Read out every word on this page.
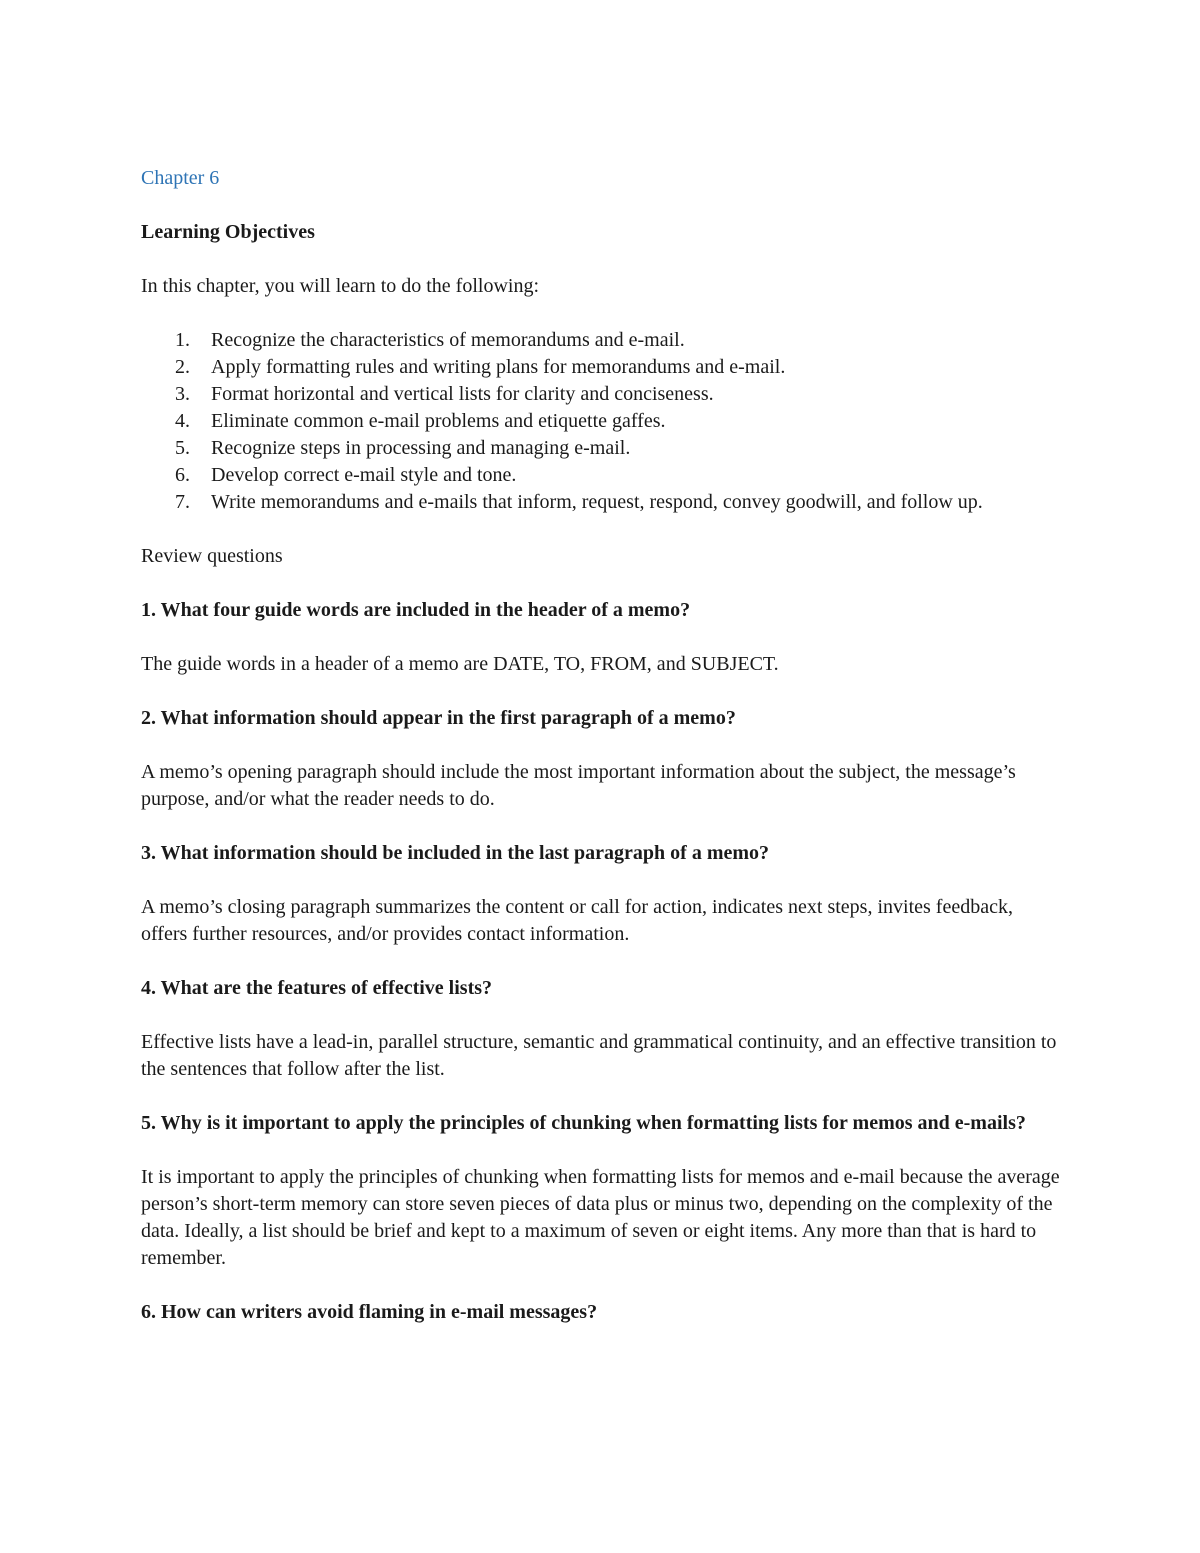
Chapter 6
Learning Objectives
In this chapter, you will learn to do the following:
1.	Recognize the characteristics of memorandums and e-mail.
2.	Apply formatting rules and writing plans for memorandums and e-mail.
3.	Format horizontal and vertical lists for clarity and conciseness.
4.	Eliminate common e-mail problems and etiquette gaffes.
5.	Recognize steps in processing and managing e-mail.
6.	Develop correct e-mail style and tone.
7.	Write memorandums and e-mails that inform, request, respond, convey goodwill, and follow up.
Review questions
1. What four guide words are included in the header of a memo?
The guide words in a header of a memo are DATE, TO, FROM, and SUBJECT.
2. What information should appear in the first paragraph of a memo?
A memo’s opening paragraph should include the most important information about the subject, the message’s purpose, and/or what the reader needs to do.
3. What information should be included in the last paragraph of a memo?
A memo’s closing paragraph summarizes the content or call for action, indicates next steps, invites feedback, offers further resources, and/or provides contact information.
4. What are the features of effective lists?
Effective lists have a lead-in, parallel structure, semantic and grammatical continuity, and an effective transition to the sentences that follow after the list.
5. Why is it important to apply the principles of chunking when formatting lists for memos and e-mails?
It is important to apply the principles of chunking when formatting lists for memos and e-mail because the average person’s short-term memory can store seven pieces of data plus or minus two, depending on the complexity of the data. Ideally, a list should be brief and kept to a maximum of seven or eight items. Any more than that is hard to remember.
6. How can writers avoid flaming in e-mail messages?
